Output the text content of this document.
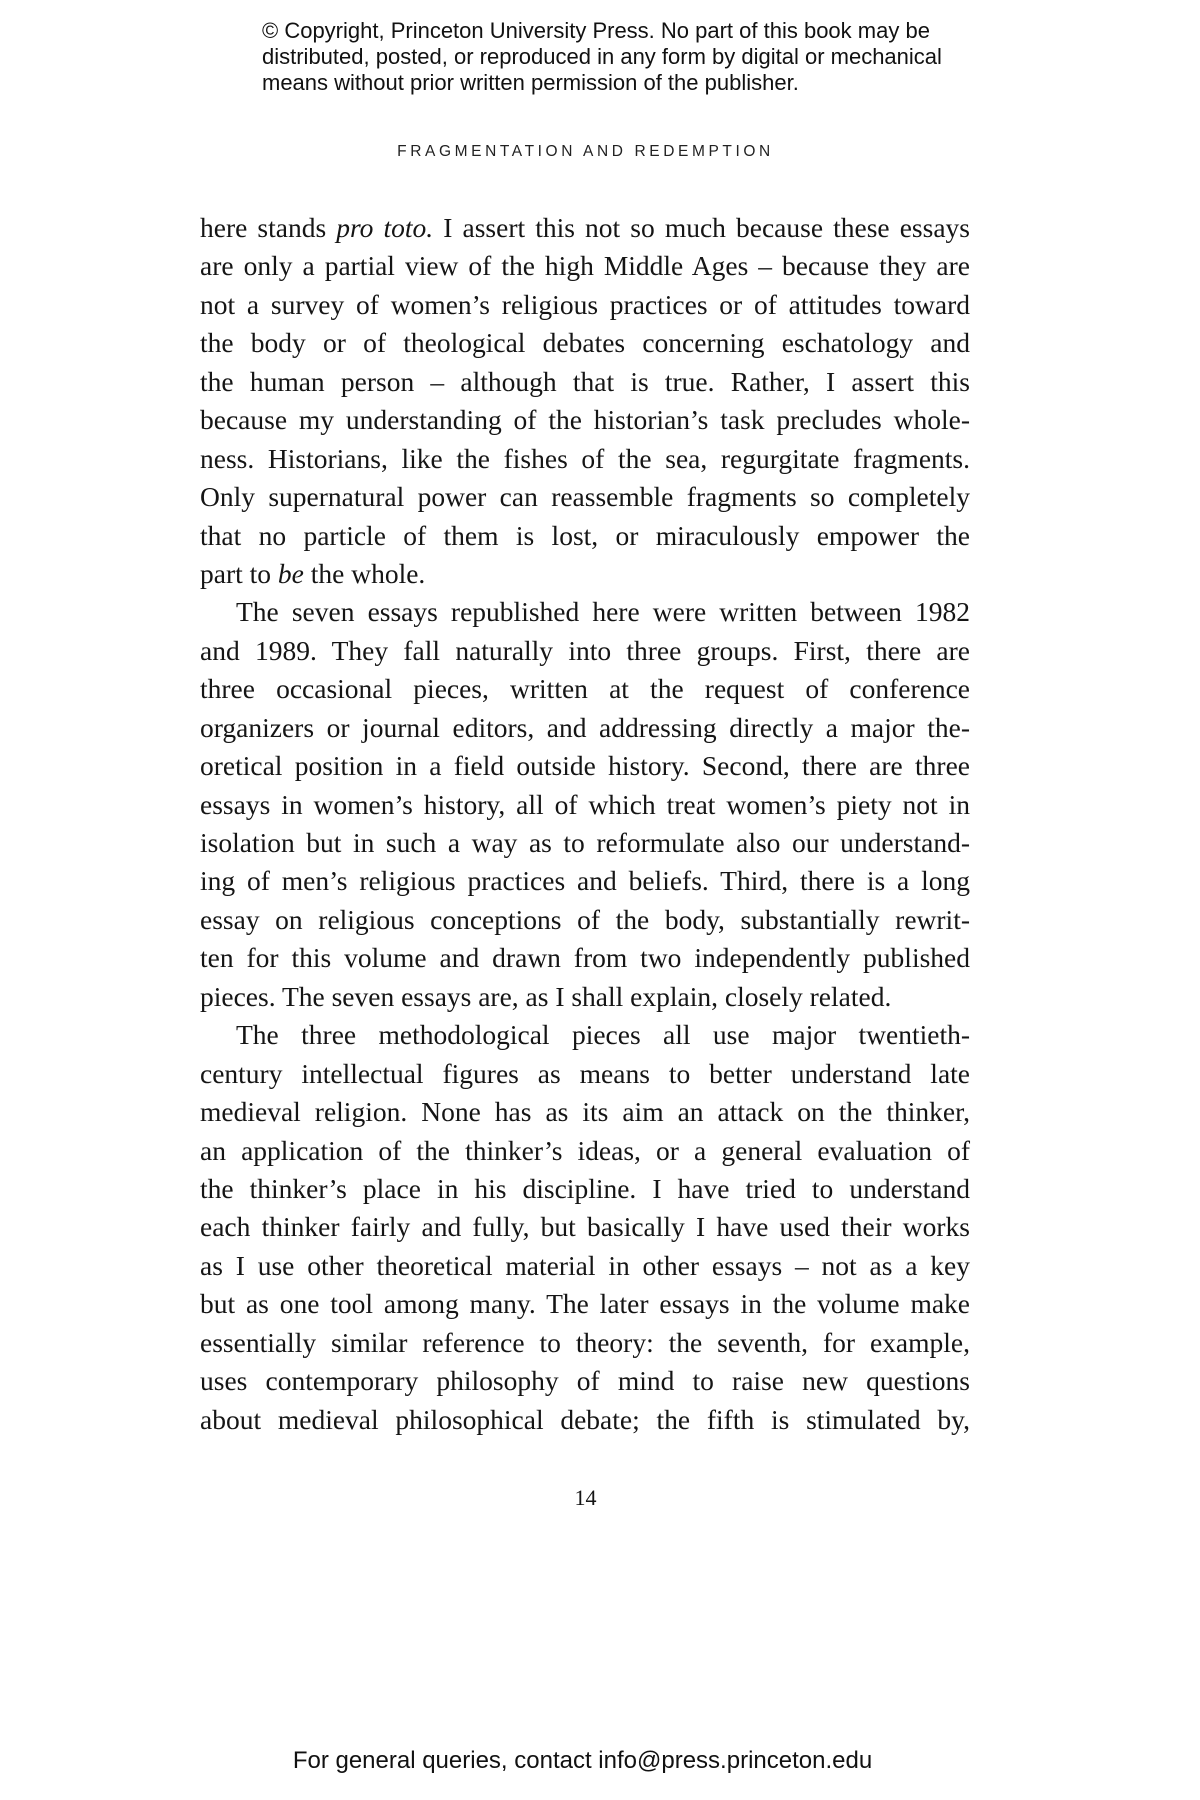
© Copyright, Princeton University Press. No part of this book may be
distributed, posted, or reproduced in any form by digital or mechanical
means without prior written permission of the publisher.
FRAGMENTATION AND REDEMPTION

here stands pro toto. I assert this not so much because these essays

are only a partial view of the high Middle Ages – because they are

not a survey of women’s religious practices or of attitudes toward

the body or of theological debates concerning eschatology and

the human person – although that is true. Rather, I assert this

because my understanding of the historian’s task precludes whole-

ness. Historians, like the fishes of the sea, regurgitate fragments.

Only supernatural power can reassemble fragments so completely

that no particle of them is lost, or miraculously empower the

part to be the whole.

The seven essays republished here were written between 1982

and 1989. They fall naturally into three groups. First, there are

three occasional pieces, written at the request of conference

organizers or journal editors, and addressing directly a major the-

oretical position in a field outside history. Second, there are three

essays in women’s history, all of which treat women’s piety not in

isolation but in such a way as to reformulate also our understand-

ing of men’s religious practices and beliefs. Third, there is a long

essay on religious conceptions of the body, substantially rewrit-

ten for this volume and drawn from two independently published

pieces. The seven essays are, as I shall explain, closely related.

The three methodological pieces all use major twentieth-

century intellectual figures as means to better understand late

medieval religion. None has as its aim an attack on the thinker,

an application of the thinker’s ideas, or a general evaluation of

the thinker’s place in his discipline. I have tried to understand

each thinker fairly and fully, but basically I have used their works

as I use other theoretical material in other essays – not as a key

but as one tool among many. The later essays in the volume make

essentially similar reference to theory: the seventh, for example,

uses contemporary philosophy of mind to raise new questions

about medieval philosophical debate; the fifth is stimulated by,

14
For general queries, contact info@press.princeton.edu
